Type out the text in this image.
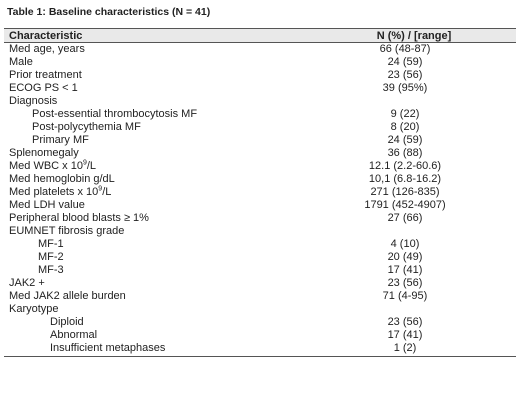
Table 1: Baseline characteristics (N = 41)
Characteristic	N (%) / [range]
Med age, years	66 (48-87)
Male	24 (59)
Prior treatment	23 (56)
ECOG PS < 1	39 (95%)
Diagnosis
Post-essential thrombocytosis MF	9 (22)
Post-polycythemia MF	8 (20)
Primary MF	24 (59)
Splenomegaly	36 (88)
Med WBC x $10^9/L$	12.1 (2.2-60.6)
Med hemoglobin g/dL	10,1 (6.8-16.2)
Med platelets x $10^9/L$	271 (126-835)
Med LDH value	1791 (452-4907)
Peripheral blood blasts ≥ 1%	27 (66)
EUMNET fibrosis grade
MF-1	4 (10)
MF-2	20 (49)
MF-3	17 (41)
JAK2 +	23 (56)
Med JAK2 allele burden	71 (4-95)
Karyotype
Diploid	23 (56)
Abnormal	17 (41)
Insufficient metaphases	1 (2)
